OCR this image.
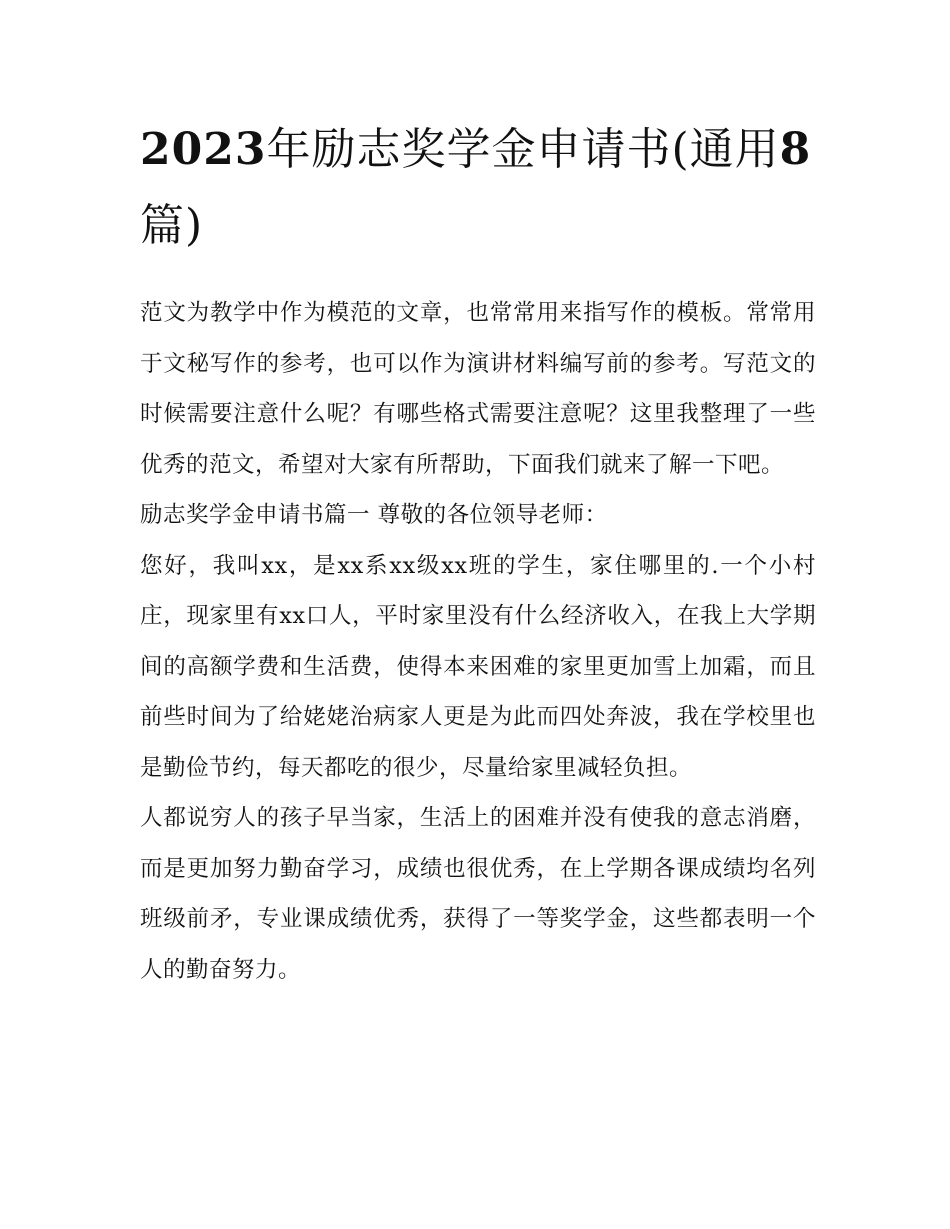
2023年励志奖学金申请书(通用8篇)

范文为教学中作为模范的文章，也常常用来指写作的模板。常常用于文秘写作的参考，也可以作为演讲材料编写前的参考。写范文的时候需要注意什么呢？有哪些格式需要注意呢？这里我整理了一些优秀的范文，希望对大家有所帮助，下面我们就来了解一下吧。

励志奖学金申请书篇一 尊敬的各位领导老师：

您好，我叫xx，是xx系xx级xx班的学生，家住哪里的.一个小村庄，现家里有xx口人，平时家里没有什么经济收入，在我上大学期间的高额学费和生活费，使得本来困难的家里更加雪上加霜，而且前些时间为了给姥姥治病家人更是为此而四处奔波，我在学校里也是勤俭节约，每天都吃的很少，尽量给家里减轻负担。

人都说穷人的孩子早当家，生活上的困难并没有使我的意志消磨，而是更加努力勤奋学习，成绩也很优秀，在上学期各课成绩均名列班级前矛，专业课成绩优秀，获得了一等奖学金，这些都表明一个人的勤奋努力。
